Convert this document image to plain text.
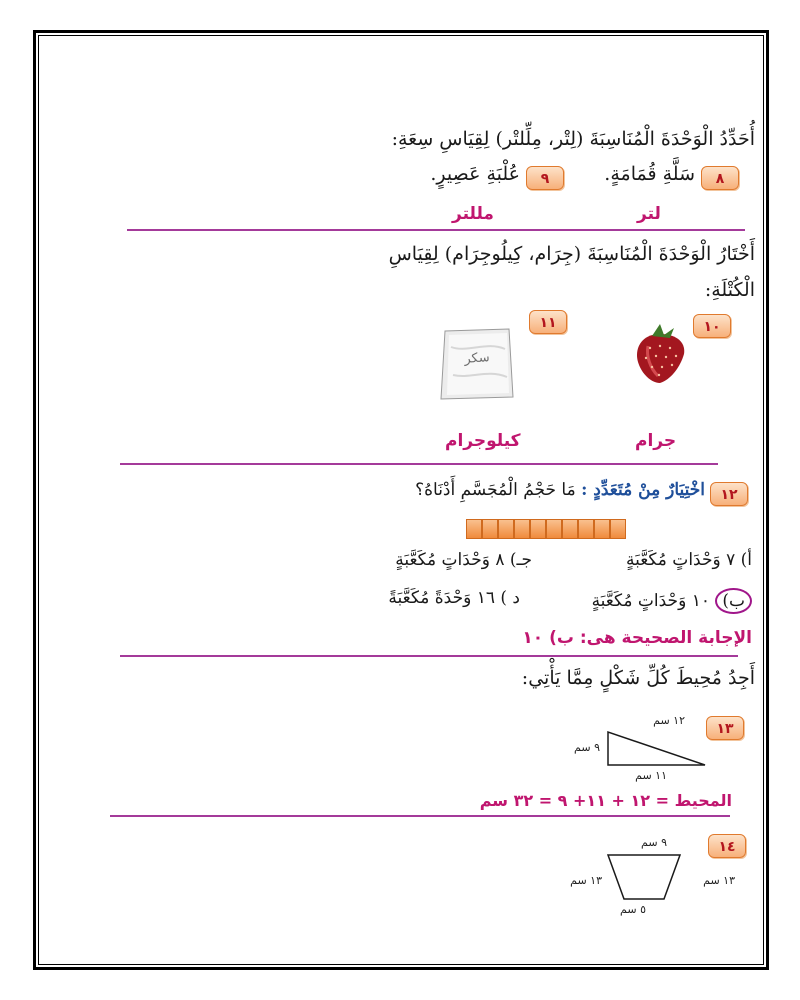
أُحَدِّدُ الْوَحْدَةَ الْمُنَاسِبَةَ (لِتْر، مِلِّلتْر) لِقِيَاسِ سِعَةِ:
٨
سَلَّةِ قُمَامَةٍ.
٩
عُلْبَةِ عَصِيرٍ.
لتر
مللتر
أَخْتَارُ الْوَحْدَةَ الْمُنَاسِبَةَ (جِرَام، كِيلُوجِرَام) لِقِيَاسِ
الْكُتْلَةِ:
١٠
١١
سكر
جرام
كيلوجرام
١٢
اخْتِيَارٌ مِنْ مُتَعَدِّدٍ : مَا حَجْمُ الْمُجَسَّمِ أَدْنَاهُ؟
أ) ٧ وَحْدَاتٍ مُكَعَّبَةٍ
جـ) ٨ وَحْدَاتٍ مُكَعَّبَةٍ
ب) ١٠ وَحْدَاتٍ مُكَعَّبَةٍ
د ) ١٦ وَحْدَةً مُكَعَّبَةً
الإجابة الصحيحة هى: ب) ١٠
أَجِدُ مُحِيطَ كُلِّ شَكْلٍ مِمَّا يَأْتِي:
١٣
١٢ سم
٩ سم
١١ سم
المحيط = ١٢ + ١١+ ٩ = ٣٢ سم
١٤
٩ سم
١٣ سم	١٣ سم
٥ سم
